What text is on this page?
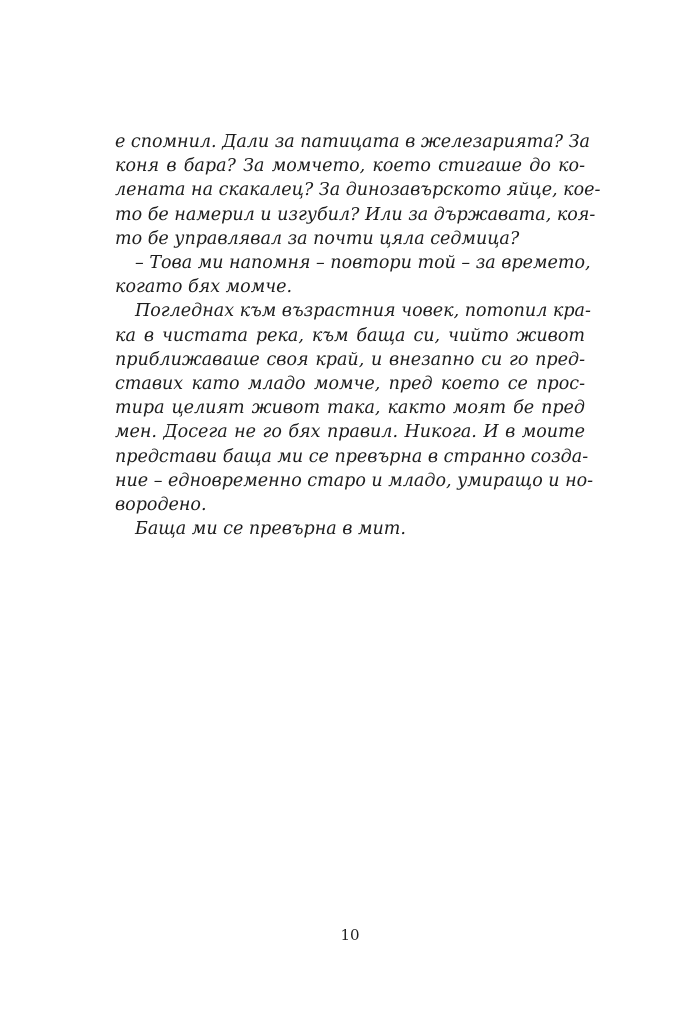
е спомнил. Дали за патицата в железарията? За
коня в бара? За момчето, което стигаше до ко-
лената на скакалец? За динозавърското яйце, кое-
то бе намерил и изгубил? Или за държавата, коя-
то бе управлявал за почти цяла седмица?
– Това ми напомня – повтори той – за времето,
когато бях момче.
Погледнах към възрастния човек, потопил кра-
ка в чистата река, към баща си, чийто живот
приближаваше своя край, и внезапно си го пред-
ставих като младо момче, пред което се прос-
тира целият живот така, както моят бе пред
мен. Досега не го бях правил. Никога. И в моите
представи баща ми се превърна в странно созда-
ние – едновременно старо и младо, умиращо и но-
вородено.
Баща ми се превърна в мит.
10
